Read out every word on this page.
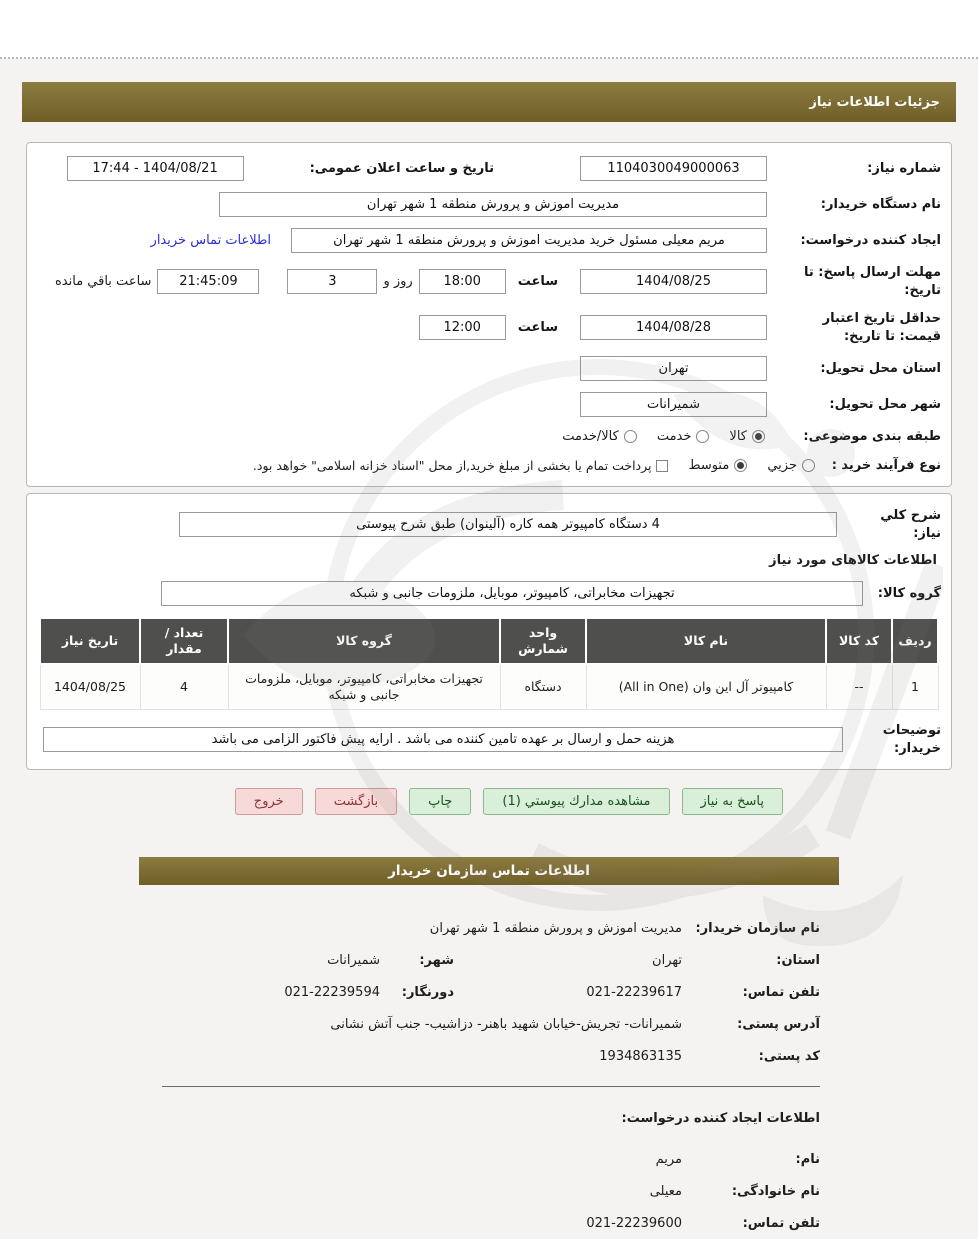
جزئیات اطلاعات نیاز
شماره نیاز:
1104030049000063
تاریخ و ساعت اعلان عمومی:
17:44 - 1404/08/21
نام دستگاه خریدار:
مدیریت اموزش و پرورش منطقه 1 شهر تهران
ایجاد کننده درخواست:
مریم معیلی مسئول خرید مدیریت اموزش و پرورش منطقه 1 شهر تهران
اطلاعات تماس خریدار
مهلت ارسال پاسخ: تا تاریخ:
1404/08/25
ساعت
18:00
روز و
3
21:45:09
ساعت باقي مانده
حداقل تاریخ اعتبار قیمت: تا تاریخ:
1404/08/28
ساعت
12:00
استان محل تحویل:
تهران
شهر محل تحویل:
شمیرانات
طبقه بندی موضوعی:
کالا
خدمت
کالا/خدمت
نوع فرآیند خرید :
جزيي
متوسط
پرداخت تمام یا بخشی از مبلغ خرید,از محل "اسناد خزانه اسلامی" خواهد بود.
شرح كلي نياز:
4 دستگاه کامپیوتر همه کاره (آلینوان) طبق شرح پیوستی
اطلاعات کالاهای مورد نیاز
گروه کالا:
تجهیزات مخابراتی، کامپیوتر، موبایل، ملزومات جانبی و شبکه
ردیف	کد کالا	نام کالا	واحد شمارش	گروه کالا	تعداد / مقدار	تاریخ نیاز
1	--	کامپیوتر آل این وان (All in One)	دستگاه	تجهیزات مخابراتی، کامپیوتر، موبایل، ملزومات جانبی و شبکه	4	1404/08/25
توضیحات خریدار:
هزینه حمل و ارسال بر عهده تامین کننده می باشد . ارایه پیش فاکتور الزامی می باشد
پاسخ به نیاز
مشاهده مدارك پيوستي (1)
چاپ
بازگشت
خروج
اطلاعات تماس سازمان خریدار
نام سازمان خریدار:
مدیریت اموزش و پرورش منطقه 1 شهر تهران
استان:
تهران
شهر:
شمیرانات
تلفن تماس:
021-22239617
دورنگار:
021-22239594
آدرس پستی:
شمیرانات- تجریش-خیابان شهید باهنر- دزاشیب- جنب آتش نشانی
کد پستی:
1934863135
اطلاعات ایجاد کننده درخواست:
نام:
مریم
نام خانوادگی:
معیلی
تلفن تماس:
021-22239600
